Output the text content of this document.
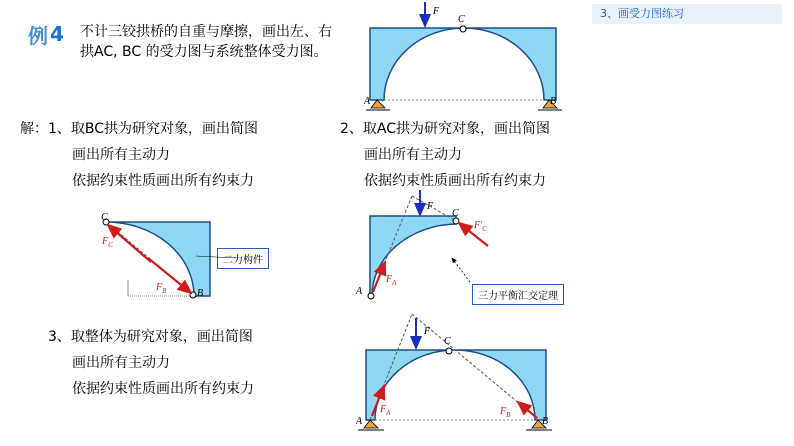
例 4 不计三铰拱桥的自重与摩擦，画出左、右拱AC, BC 的受力图与系统整体受力图。
3、画受力图练习
解：1、取BC拱为研究对象，画出简图
画出所有主动力
依据约束性质画出所有约束力
2、取AC拱为研究对象，画出简图
画出所有主动力
依据约束性质画出所有约束力
3、取整体为研究对象，画出简图
画出所有主动力
依据约束性质画出所有约束力
二力构件
三力平衡汇交定理
F
C
A	B
C
B
$F_C$
$F_B$
F
C
A
$F'_C$
$F_A$
F
C
A	B
$F_A$	$F_B$
